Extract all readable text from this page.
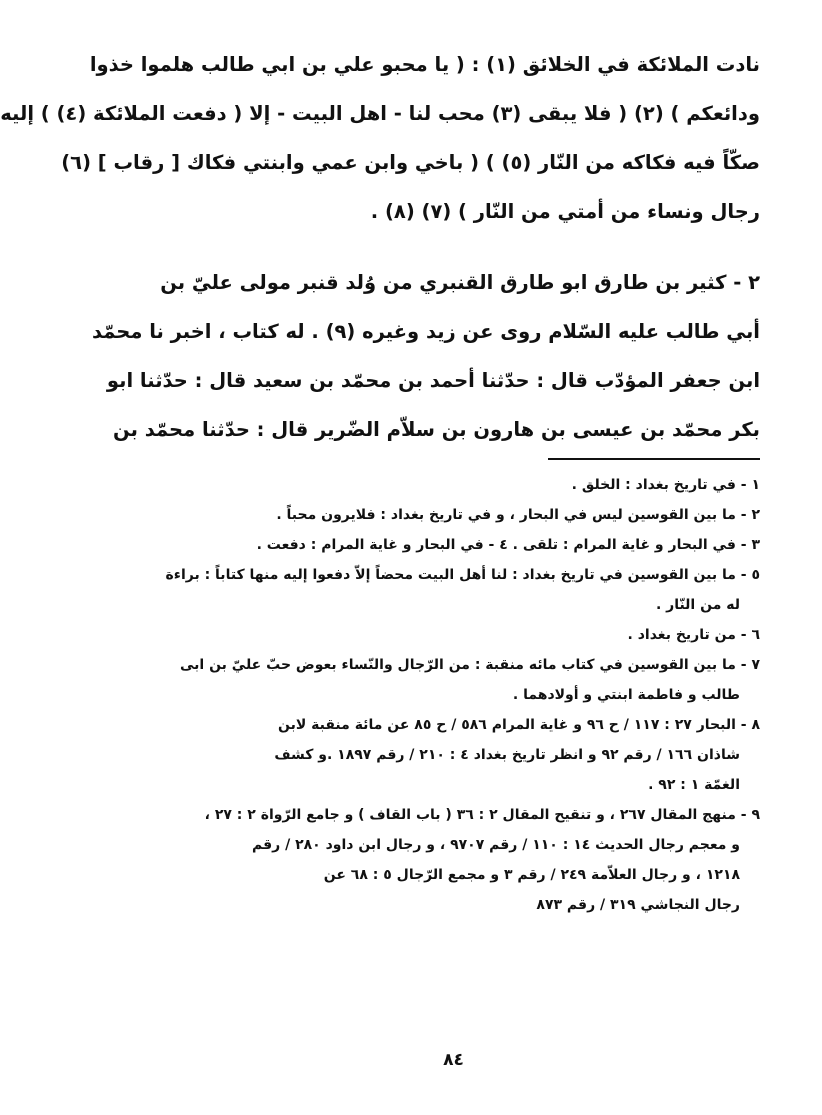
نادت الملائكة في الخلائق (١) : ( يا محبو علي بن ابي طالب هلموا خذوا
ودائعكم ) (٢) ( فلا يبقى (٣) محب لنا - اهل البيت - إلا ( دفعت الملائكة (٤) ) إليه
صكّاً فيه فكاكه من النّار (٥) ) ( باخي وابن عمي وابنتي فكاك [ رقاب ] (٦)
رجال ونساء من أمتي من النّار ) (٧) (٨) .
٢ - كثير بن طارق ابو طارق القنبري من وُلد قنبر مولى عليّ بن
أبي طالب عليه السّلام روى عن زيد وغيره (٩) . له كتاب ، اخبر نا محمّد
ابن جعفر المؤدّب قال : حدّثنا أحمد بن محمّد بن سعيد قال : حدّثنا ابو
بكر محمّد بن عيسى بن هارون بن سلاّم الضّرير قال : حدّثنا محمّد بن
١ - في تاريخ بغداد : الخلق .
٢ - ما بين القوسين ليس في البحار ، و في تاريخ بغداد : فلايرون محباً .
٣ - في البحار و غاية المرام : تلقى . ٤ - في البحار و غاية المرام : دفعت .
٥ - ما بين القوسين في تاريخ بغداد : لنا أهل البيت محضاً إلاّ دفعوا إليه منها كتاباً : براءة
له من النّار .
٦ - من تاريخ بغداد .
٧ - ما بين القوسين في كتاب مائه منقبة : من الرّجال والنّساء بعوض حبّ عليّ بن ابى
طالب و فاطمة ابنتي و أولادهما .
٨ - البحار ٢٧ : ١١٧ / ح ٩٦ و غاية المرام ٥٨٦ / ح ٨٥ عن مائة منقبة لابن
شاذان ١٦٦ / رقم ٩٢ و انظر تاريخ بغداد ٤ : ٢١٠ / رقم ١٨٩٧ .و كشف
الغمّة ١ : ٩٢ .
٩ - منهج المقال ٢٦٧ ، و تنقيح المقال ٢ : ٣٦ ( باب القاف ) و جامع الرّواة ٢ : ٢٧ ،
و معجم رجال الحديث ١٤ : ١١٠ / رقم ٩٧٠٧ ، و رجال ابن داود ٢٨٠ / رقم
١٢١٨ ، و رجال العلاّمة ٢٤٩ / رقم ٣ و مجمع الرّجال ٥ : ٦٨ عن
رجال النجاشي ٣١٩ / رقم ٨٧٣
٨٤
